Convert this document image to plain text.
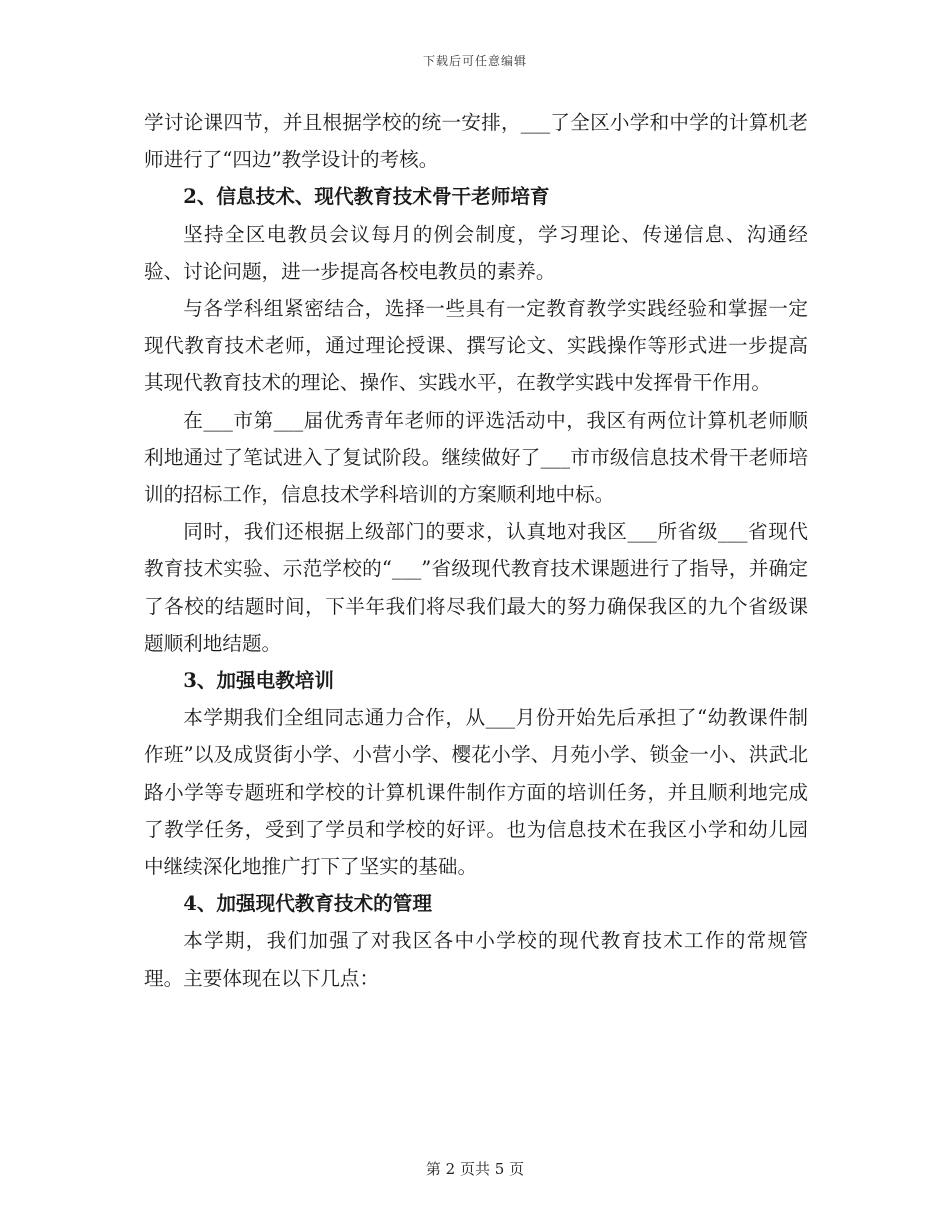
下载后可任意编辑

学讨论课四节，并且根据学校的统一安排，___了全区小学和中学的计算机老师进行了“四边”教学设计的考核。

2、信息技术、现代教育技术骨干老师培育

坚持全区电教员会议每月的例会制度，学习理论、传递信息、沟通经验、讨论问题，进一步提高各校电教员的素养。

与各学科组紧密结合，选择一些具有一定教育教学实践经验和掌握一定现代教育技术老师，通过理论授课、撰写论文、实践操作等形式进一步提高其现代教育技术的理论、操作、实践水平，在教学实践中发挥骨干作用。

在___市第___届优秀青年老师的评选活动中，我区有两位计算机老师顺利地通过了笔试进入了复试阶段。继续做好了___市市级信息技术骨干老师培训的招标工作，信息技术学科培训的方案顺利地中标。

同时，我们还根据上级部门的要求，认真地对我区___所省级___省现代教育技术实验、示范学校的“___”省级现代教育技术课题进行了指导，并确定了各校的结题时间，下半年我们将尽我们最大的努力确保我区的九个省级课题顺利地结题。

3、加强电教培训

本学期我们全组同志通力合作，从___月份开始先后承担了“幼教课件制作班”以及成贤街小学、小营小学、樱花小学、月苑小学、锁金一小、洪武北路小学等专题班和学校的计算机课件制作方面的培训任务，并且顺利地完成了教学任务，受到了学员和学校的好评。也为信息技术在我区小学和幼儿园中继续深化地推广打下了坚实的基础。

4、加强现代教育技术的管理

本学期，我们加强了对我区各中小学校的现代教育技术工作的常规管理。主要体现在以下几点：

第 2 页共 5 页
